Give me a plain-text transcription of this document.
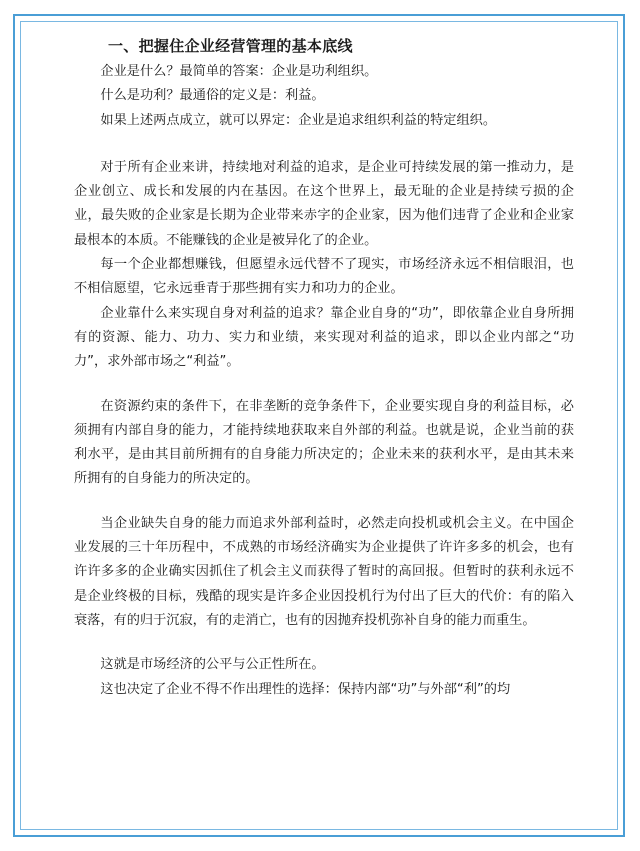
一、把握住企业经营管理的基本底线

企业是什么？最简单的答案：企业是功利组织。

什么是功利？最通俗的定义是：利益。

如果上述两点成立，就可以界定：企业是追求组织利益的特定组织。

对于所有企业来讲，持续地对利益的追求，是企业可持续发展的第一推动力，是企业创立、成长和发展的内在基因。在这个世界上，最无耻的企业是持续亏损的企业，最失败的企业家是长期为企业带来赤字的企业家，因为他们违背了企业和企业家最根本的本质。不能赚钱的企业是被异化了的企业。

每一个企业都想赚钱，但愿望永远代替不了现实，市场经济永远不相信眼泪，也不相信愿望，它永远垂青于那些拥有实力和功力的企业。

企业靠什么来实现自身对利益的追求？靠企业自身的“功”，即依靠企业自身所拥有的资源、能力、功力、实力和业绩，来实现对利益的追求，即以企业内部之“功力”，求外部市场之“利益”。

在资源约束的条件下，在非垄断的竞争条件下，企业要实现自身的利益目标，必须拥有内部自身的能力，才能持续地获取来自外部的利益。也就是说，企业当前的获利水平，是由其目前所拥有的自身能力所决定的；企业未来的获利水平，是由其未来所拥有的自身能力的所决定的。

当企业缺失自身的能力而追求外部利益时，必然走向投机或机会主义。在中国企业发展的三十年历程中，不成熟的市场经济确实为企业提供了许许多多的机会，也有许许多多的企业确实因抓住了机会主义而获得了暂时的高回报。但暂时的获利永远不是企业终极的目标，残酷的现实是许多企业因投机行为付出了巨大的代价：有的陷入衰落，有的归于沉寂，有的走消亡，也有的因抛弃投机弥补自身的能力而重生。

这就是市场经济的公平与公正性所在。

这也决定了企业不得不作出理性的选择：保持内部“功”与外部“利”的均
